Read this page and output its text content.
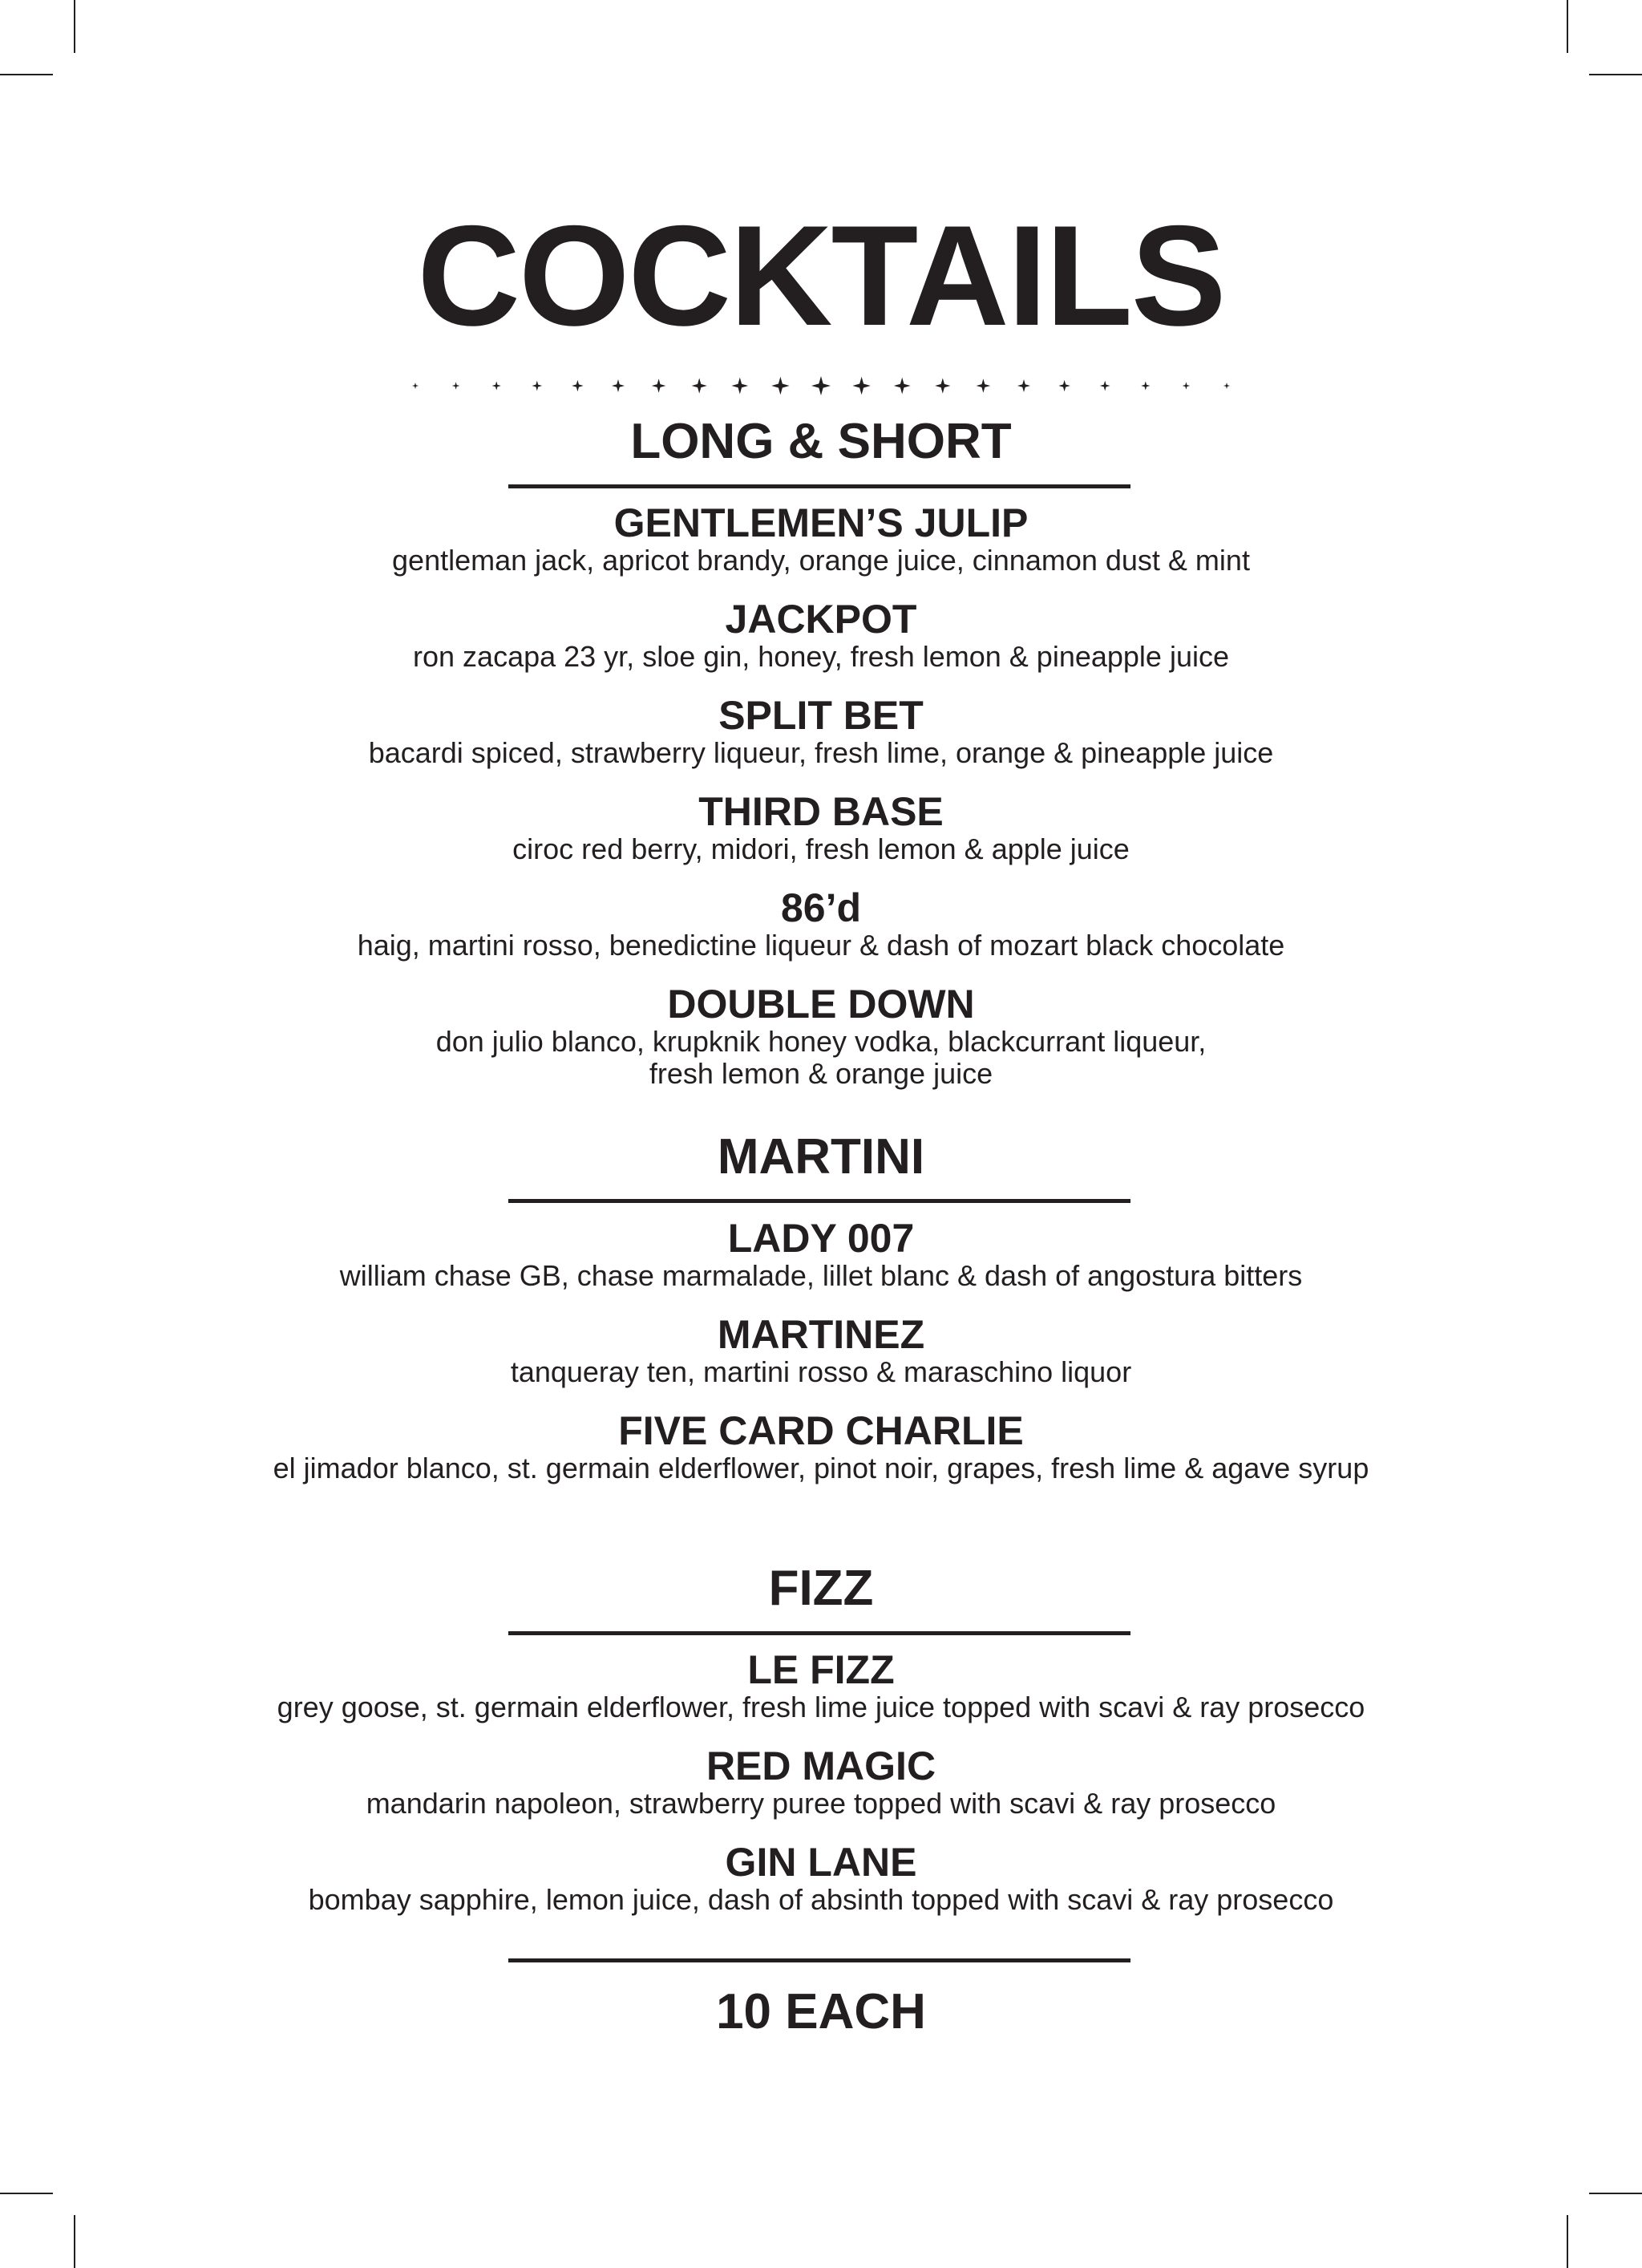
COCKTAILS
LONG & SHORT
GENTLEMEN’S JULIP
gentleman jack, apricot brandy, orange juice, cinnamon dust & mint
JACKPOT
ron zacapa 23 yr, sloe gin, honey, fresh lemon & pineapple juice
SPLIT BET
bacardi spiced, strawberry liqueur, fresh lime, orange & pineapple juice
THIRD BASE
ciroc red berry, midori, fresh lemon & apple juice
86’d
haig, martini rosso, benedictine liqueur & dash of mozart black chocolate
DOUBLE DOWN
don julio blanco, krupknik honey vodka, blackcurrant liqueur,
fresh lemon & orange juice
MARTINI
LADY 007
william chase GB, chase marmalade, lillet blanc & dash of angostura bitters
MARTINEZ
tanqueray ten, martini rosso & maraschino liquor
FIVE CARD CHARLIE
el jimador blanco, st. germain elderflower, pinot noir, grapes, fresh lime & agave syrup
FIZZ
LE FIZZ
grey goose, st. germain elderflower, fresh lime juice topped with scavi & ray prosecco
RED MAGIC
mandarin napoleon, strawberry puree topped with scavi & ray prosecco
GIN LANE
bombay sapphire, lemon juice, dash of absinth topped with scavi & ray prosecco
10 EACH
